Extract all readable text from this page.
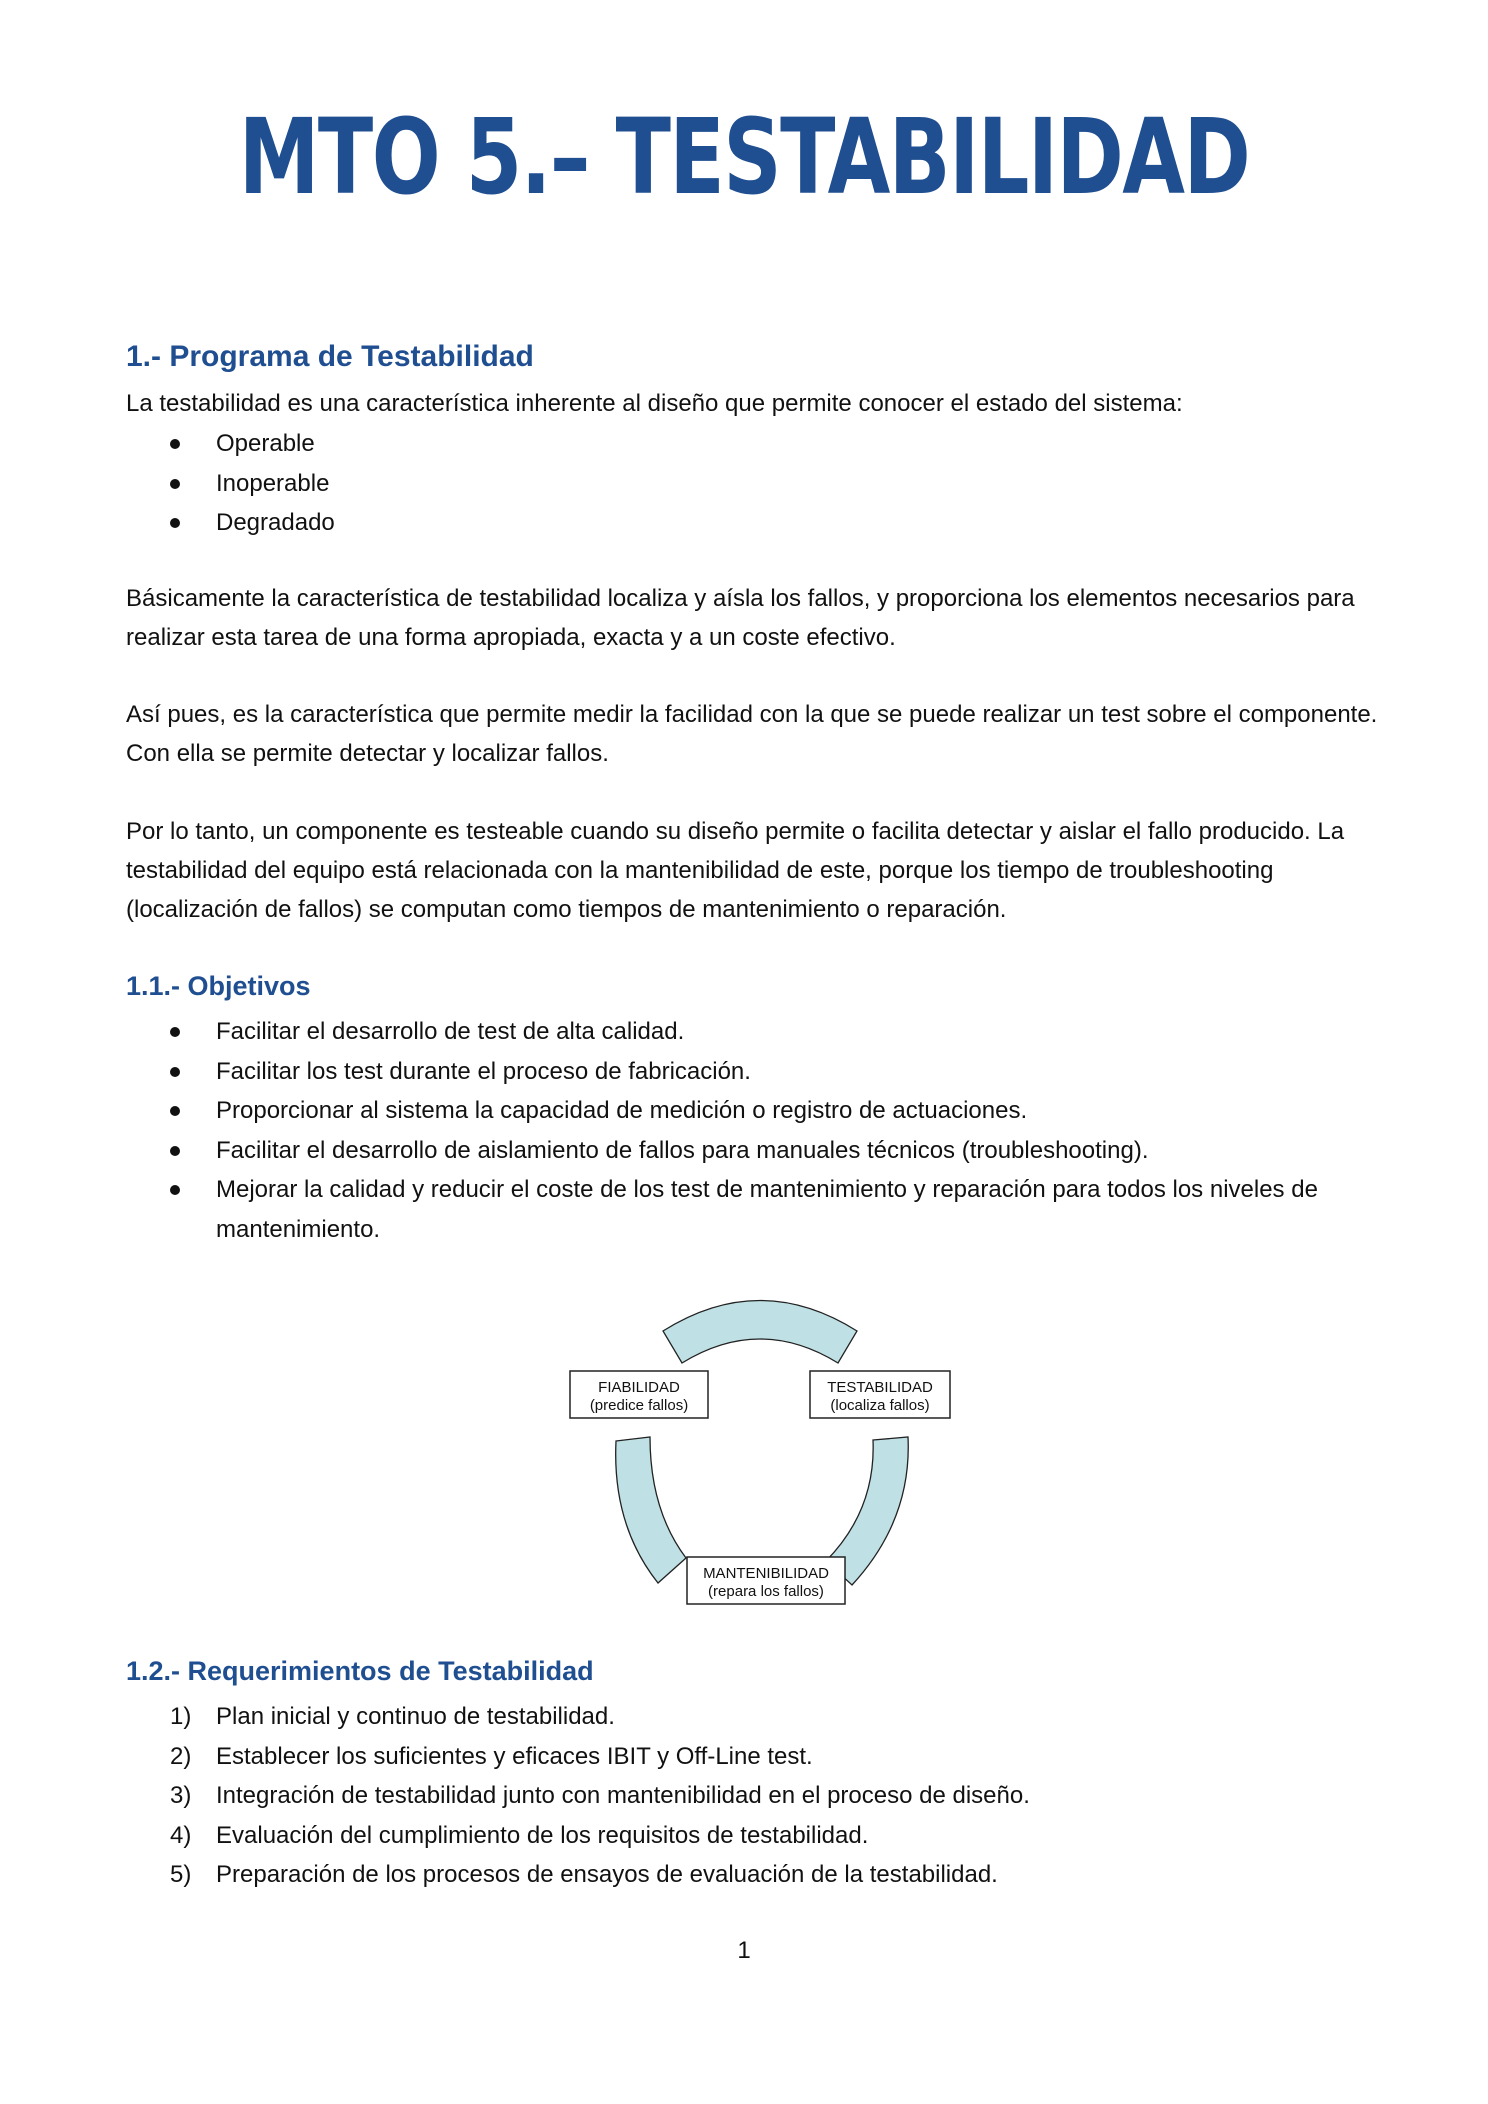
MTO 5.– TESTABILIDAD
1.- Programa de Testabilidad
La testabilidad es una característica inherente al diseño que permite conocer el estado del sistema:
Operable
Inoperable
Degradado
Básicamente la característica de testabilidad localiza y aísla los fallos, y proporciona los elementos necesarios para realizar esta tarea de una forma apropiada, exacta y a un coste efectivo.
Así pues, es la característica que permite medir la facilidad con la que se puede realizar un test sobre el componente. Con ella se permite detectar y localizar fallos.
Por lo tanto, un componente es testeable cuando su diseño permite o facilita detectar y aislar el fallo producido. La testabilidad del equipo está relacionada con la mantenibilidad de este, porque los tiempo de troubleshooting (localización de fallos) se computan como tiempos de mantenimiento o reparación.
1.1.- Objetivos
Facilitar el desarrollo de test de alta calidad.
Facilitar los test durante el proceso de fabricación.
Proporcionar al sistema la capacidad de medición o registro de actuaciones.
Facilitar el desarrollo de aislamiento de fallos para manuales técnicos (troubleshooting).
Mejorar la calidad y reducir el coste de los test de mantenimiento y reparación para todos los niveles de mantenimiento.
FIABILIDAD
(predice fallos)
TESTABILIDAD
(localiza fallos)
MANTENIBILIDAD
(repara los fallos)
1.2.- Requerimientos de Testabilidad
1) Plan inicial y continuo de testabilidad.
2) Establecer los suficientes y eficaces IBIT y Off-Line test.
3) Integración de testabilidad junto con mantenibilidad en el proceso de diseño.
4) Evaluación del cumplimiento de los requisitos de testabilidad.
5) Preparación de los procesos de ensayos de evaluación de la testabilidad.
1
